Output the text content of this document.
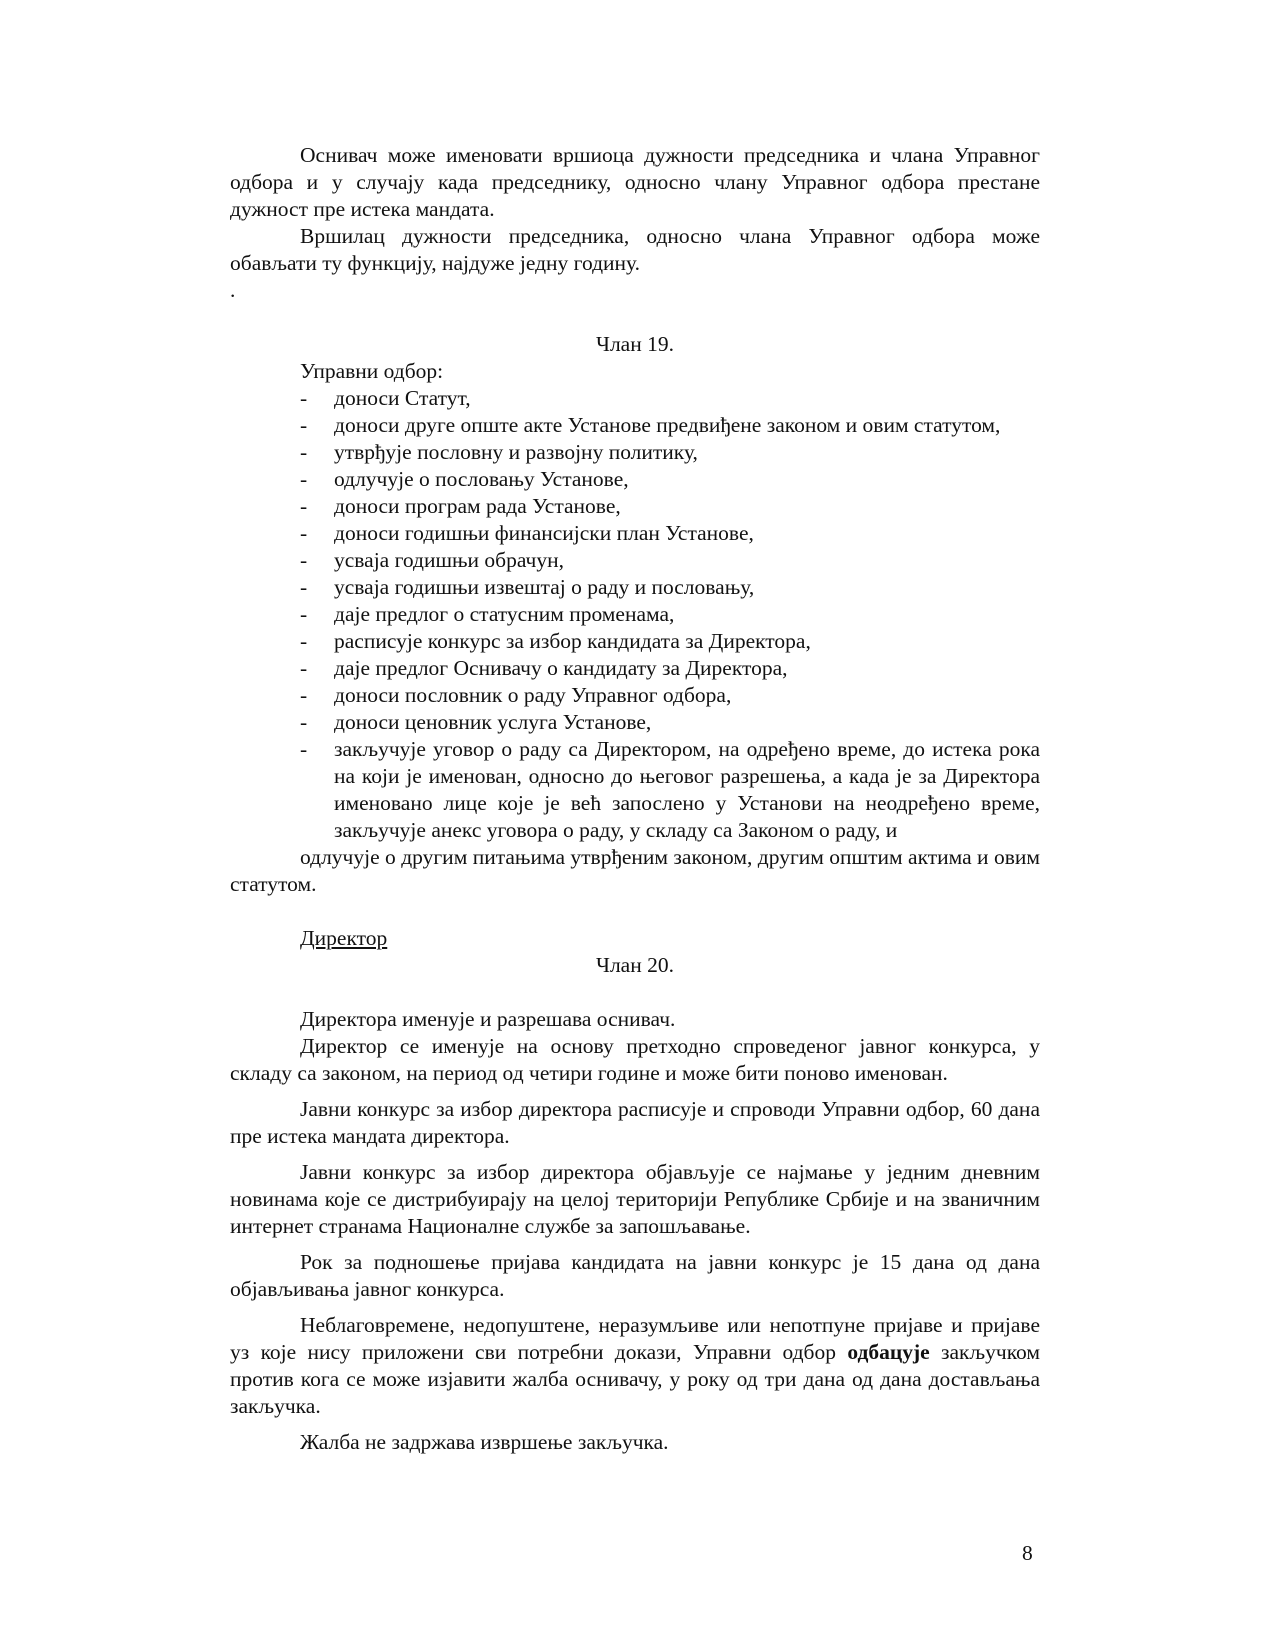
Оснивач може именовати вршиоца дужности председника и члана Управног одбора и у случају када председнику, односно члану Управног одбора престане дужност пре истека мандата.

Вршилац дужности председника, односно члана Управног одбора може обављати ту функцију, најдуже једну годину.

.

Члан 19.

Управни одбор:

- доноси Статут,
- доноси друге опште акте Установе предвиђене законом и овим статутом,
- утврђује пословну и развојну политику,
- одлучује о пословању Установе,
- доноси програм рада Установе,
- доноси годишњи финансијски план Установе,
- усваја годишњи обрачун,
- усваја годишњи извештај о раду и пословању,
- даје предлог о статусним променама,
- расписује конкурс за избор кандидата за Директора,
- даје предлог Оснивачу о кандидату за Директора,
- доноси пословник о раду Управног одбора,
- доноси ценовник услуга Установе,
- закључује уговор о раду са Директором, на одређено време, до истека рока на који је именован, односно до његовог разрешења, а када је за Директора именовано лице које је већ запослено у Установи на неодређено време, закључује анекс уговора о раду, у складу са Законом о раду, и

одлучује о другим питањима утврђеним законом, другим општим актима и овим статутом.

Директор

Члан 20.

Директора именује и разрешава оснивач.

Директор се именује на основу претходно спроведеног јавног конкурса, у складу са законом, на период од четири године и може бити поново именован.

Јавни конкурс за избор директора расписује и спроводи Управни одбор, 60 дана пре истека мандата директора.

Јавни конкурс за избор директора објављује се најмање у једним дневним новинама које се дистрибуирају на целој територији Републике Србије и на званичним интернет странама Националне службе за запошљавање.

Рок за подношење пријава кандидата на јавни конкурс је 15 дана од дана објављивања јавног конкурса.

Неблаговремене, недопуштене, неразумљиве или непотпуне пријаве и пријаве уз које нису приложени сви потребни докази, Управни одбор одбацује закључком против кога се може изјавити жалба оснивачу, у року од три дана од дана достављања закључка.

Жалба не задржава извршење закључка.

8
